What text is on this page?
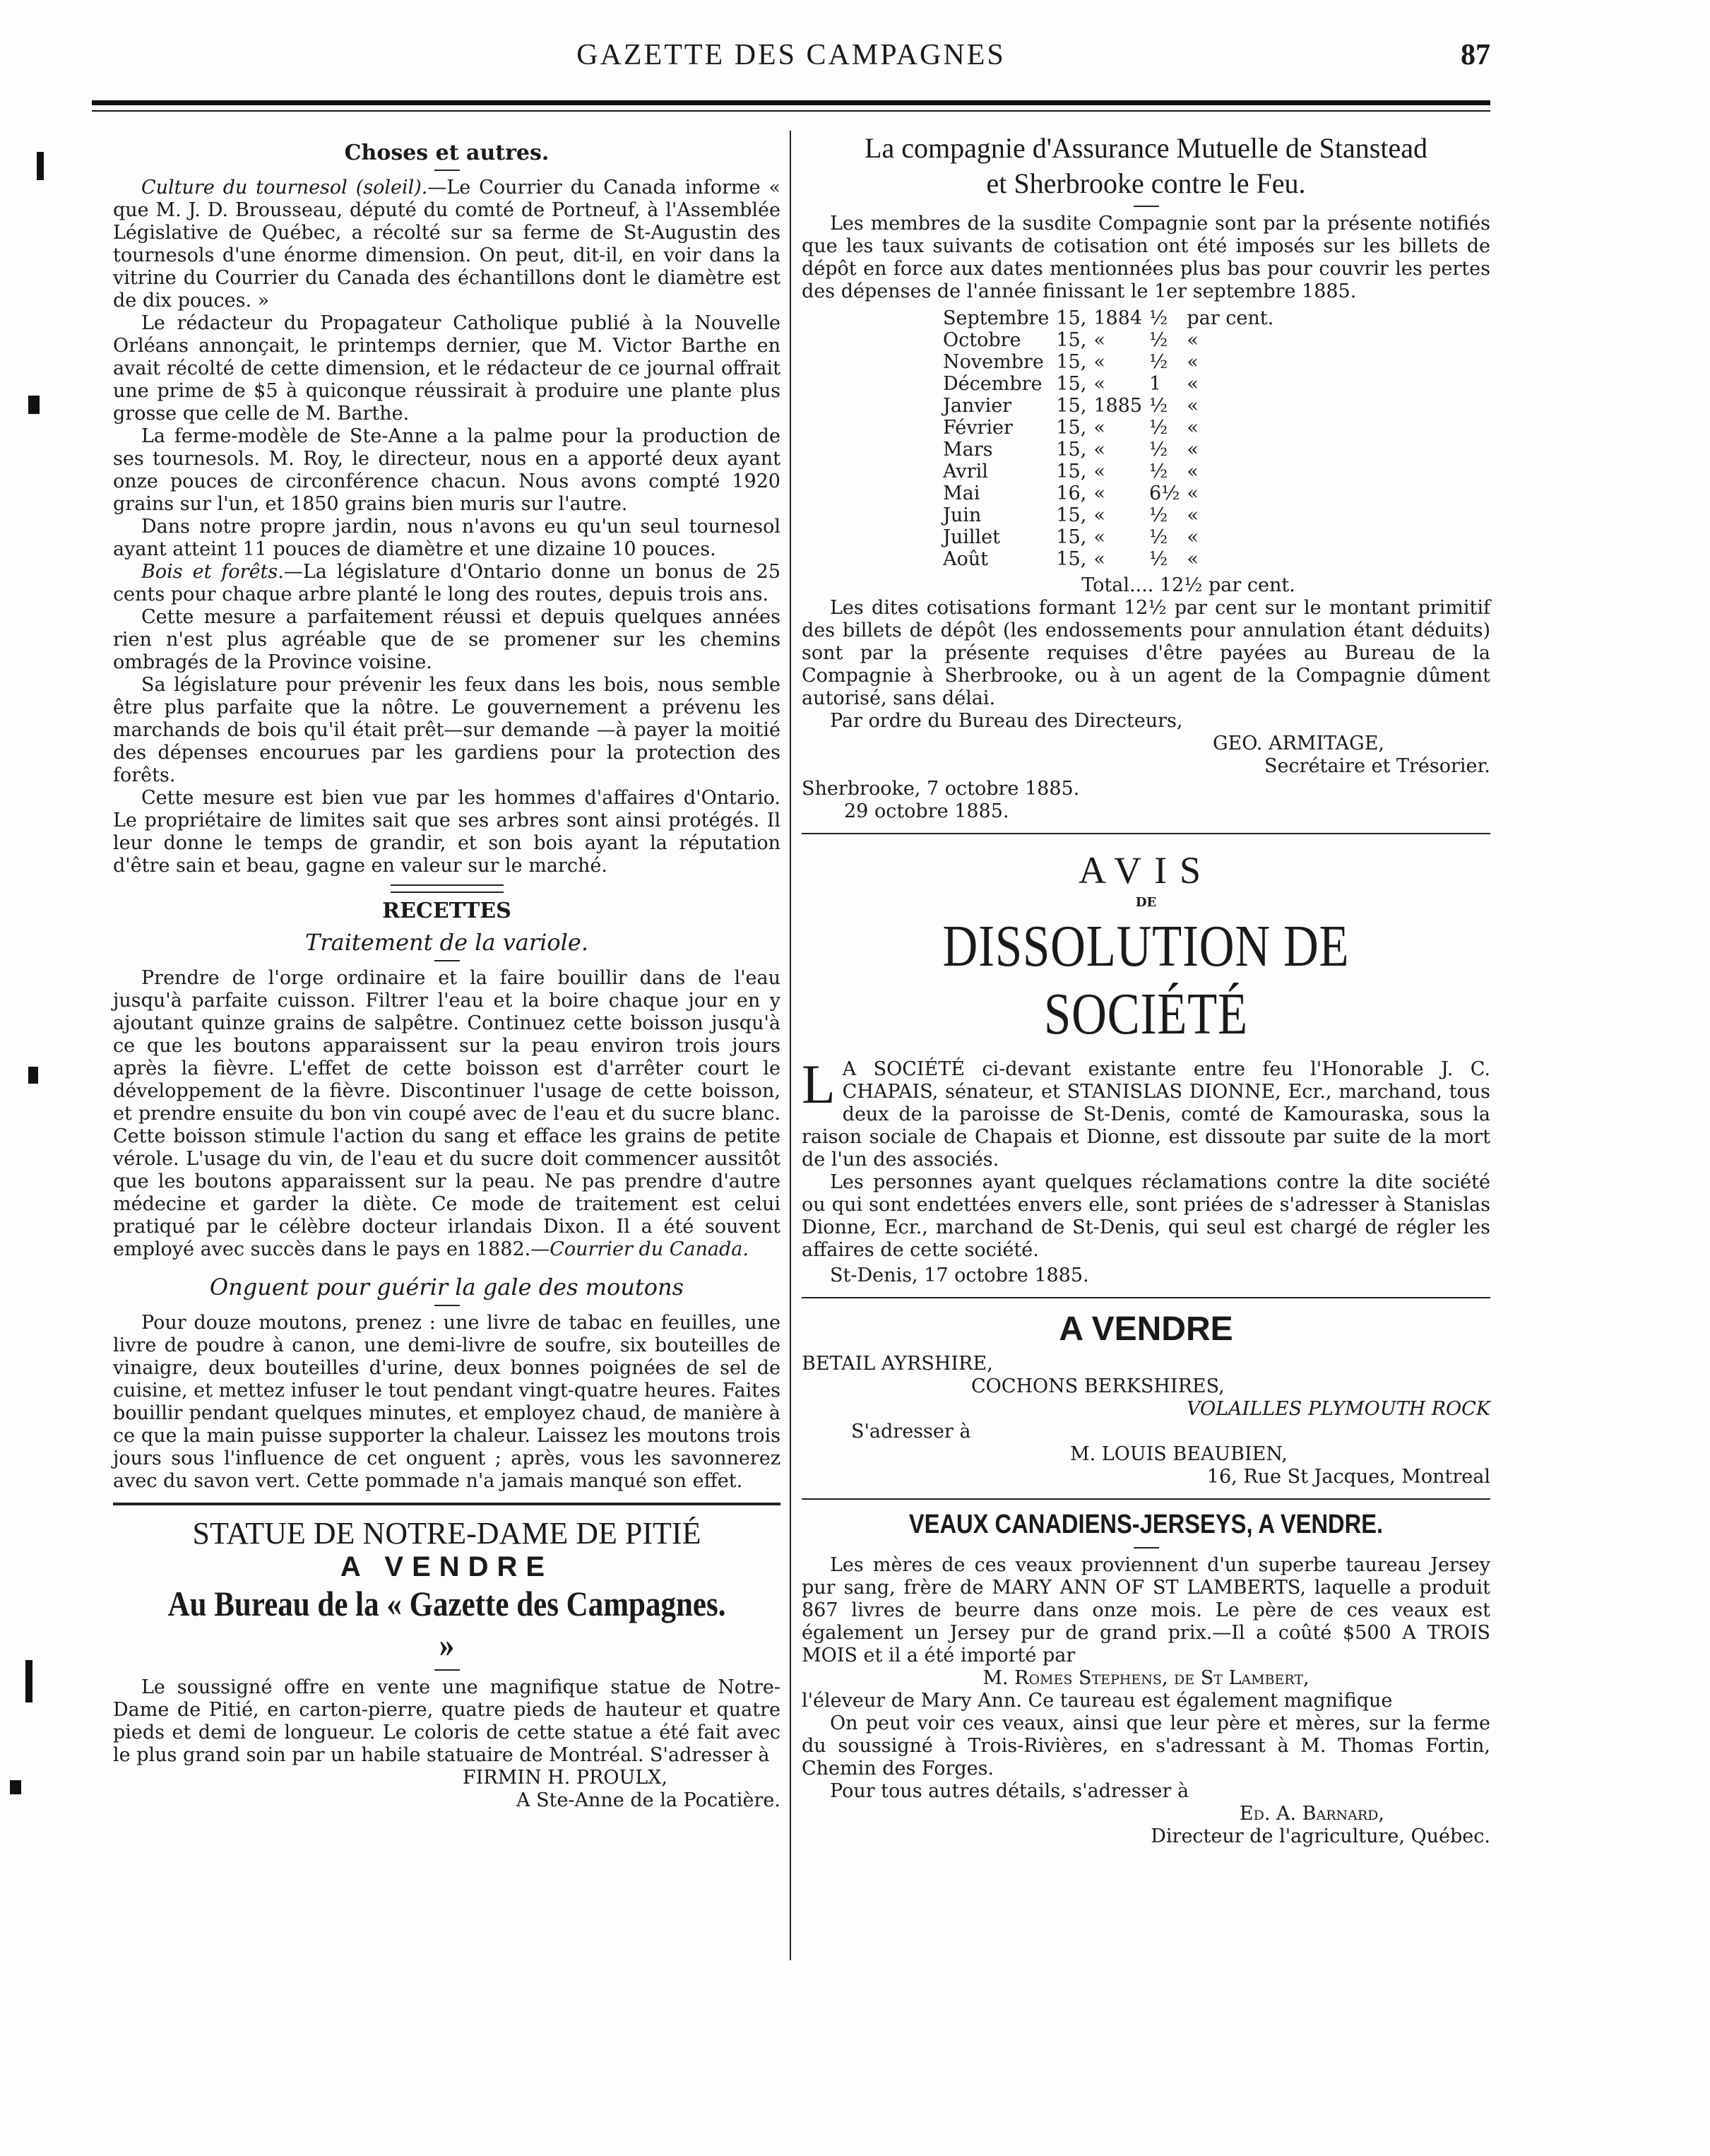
GAZETTE DES CAMPAGNES	87
Choses et autres.

Culture du tournesol (soleil).—Le Courrier du Canada informe « que M. J. D. Brousseau, député du comté de Portneuf, à l'Assemblée Législative de Québec, a récolté sur sa ferme de St-Augustin des tournesols d'une énorme dimension. On peut, dit-il, en voir dans la vitrine du Courrier du Canada des échantillons dont le diamètre est de dix pouces. »

Le rédacteur du Propagateur Catholique publié à la Nouvelle Orléans annonçait, le printemps dernier, que M. Victor Barthe en avait récolté de cette dimension, et le rédacteur de ce journal offrait une prime de $5 à quiconque réussirait à produire une plante plus grosse que celle de M. Barthe.

La ferme-modèle de Ste-Anne a la palme pour la production de ses tournesols. M. Roy, le directeur, nous en a apporté deux ayant onze pouces de circonférence chacun. Nous avons compté 1920 grains sur l'un, et 1850 grains bien muris sur l'autre.

Dans notre propre jardin, nous n'avons eu qu'un seul tournesol ayant atteint 11 pouces de diamètre et une dizaine 10 pouces.

Bois et forêts.—La législature d'Ontario donne un bonus de 25 cents pour chaque arbre planté le long des routes, depuis trois ans.

Cette mesure a parfaitement réussi et depuis quelques années rien n'est plus agréable que de se promener sur les chemins ombragés de la Province voisine.

Sa législature pour prévenir les feux dans les bois, nous semble être plus parfaite que la nôtre. Le gouvernement a prévenu les marchands de bois qu'il était prêt—sur demande —à payer la moitié des dépenses encourues par les gardiens pour la protection des forêts.

Cette mesure est bien vue par les hommes d'affaires d'Ontario. Le propriétaire de limites sait que ses arbres sont ainsi protégés. Il leur donne le temps de grandir, et son bois ayant la réputation d'être sain et beau, gagne en valeur sur le marché.

RECETTES
Traitement de la variole.

Prendre de l'orge ordinaire et la faire bouillir dans de l'eau jusqu'à parfaite cuisson. Filtrer l'eau et la boire chaque jour en y ajoutant quinze grains de salpêtre. Continuez cette boisson jusqu'à ce que les boutons apparaissent sur la peau environ trois jours après la fièvre. L'effet de cette boisson est d'arrêter court le développement de la fièvre. Discontinuer l'usage de cette boisson, et prendre ensuite du bon vin coupé avec de l'eau et du sucre blanc. Cette boisson stimule l'action du sang et efface les grains de petite vérole. L'usage du vin, de l'eau et du sucre doit commencer aussitôt que les boutons apparaissent sur la peau. Ne pas prendre d'autre médecine et garder la diète. Ce mode de traitement est celui pratiqué par le célèbre docteur irlandais Dixon. Il a été souvent employé avec succès dans le pays en 1882.—Courrier du Canada.

Onguent pour guérir la gale des moutons

Pour douze moutons, prenez : une livre de tabac en feuilles, une livre de poudre à canon, une demi-livre de soufre, six bouteilles de vinaigre, deux bouteilles d'urine, deux bonnes poignées de sel de cuisine, et mettez infuser le tout pendant vingt-quatre heures. Faites bouillir pendant quelques minutes, et employez chaud, de manière à ce que la main puisse supporter la chaleur. Laissez les moutons trois jours sous l'influence de cet onguent ; après, vous les savonnerez avec du savon vert. Cette pommade n'a jamais manqué son effet.

STATUE DE NOTRE-DAME DE PITIÉ
A VENDRE
Au Bureau de la « Gazette des Campagnes. »

Le soussigné offre en vente une magnifique statue de Notre-Dame de Pitié, en carton-pierre, quatre pieds de hauteur et quatre pieds et demi de longueur. Le coloris de cette statue a été fait avec le plus grand soin par un habile statuaire de Montréal. S'adresser à

FIRMIN H. PROULX,

A Ste-Anne de la Pocatière.

La compagnie d'Assurance Mutuelle de Stanstead
et Sherbrooke contre le Feu.

Les membres de la susdite Compagnie sont par la présente notifiés que les taux suivants de cotisation ont été imposés sur les billets de dépôt en force aux dates mentionnées plus bas pour couvrir les pertes des dépenses de l'année finissant le 1er septembre 1885.

Septembre	15,	1884	½	par cent.
Octobre	15,	«	½	«
Novembre	15,	«	½	«
Décembre	15,	«	1	«
Janvier	15,	1885	½	«
Février	15,	«	½	«
Mars	15,	«	½	«
Avril	15,	«	½	«
Mai	16,	«	6½	«
Juin	15,	«	½	«
Juillet	15,	«	½	«
Août	15,	«	½	«

Total.... 12½ par cent.

Les dites cotisations formant 12½ par cent sur le montant primitif des billets de dépôt (les endossements pour annulation étant déduits) sont par la présente requises d'être payées au Bureau de la Compagnie à Sherbrooke, ou à un agent de la Compagnie dûment autorisé, sans délai.

Par ordre du Bureau des Directeurs,

GEO. ARMITAGE,

Secrétaire et Trésorier.

Sherbrooke, 7 octobre 1885.

29 octobre 1885.

AVIS
DE
DISSOLUTION DE SOCIÉTÉ

L A SOCIÉTÉ ci-devant existante entre feu l'Honorable J. C. CHAPAIS, sénateur, et STANISLAS DIONNE, Ecr., marchand, tous deux de la paroisse de St-Denis, comté de Kamouraska, sous la raison sociale de Chapais et Dionne, est dissoute par suite de la mort de l'un des associés.

Les personnes ayant quelques réclamations contre la dite société ou qui sont endettées envers elle, sont priées de s'adresser à Stanislas Dionne, Ecr., marchand de St-Denis, qui seul est chargé de régler les affaires de cette société.

St-Denis, 17 octobre 1885.

A VENDRE

BETAIL AYRSHIRE,

COCHONS BERKSHIRES,

VOLAILLES PLYMOUTH ROCK

S'adresser à

M. LOUIS BEAUBIEN,

16, Rue St Jacques, Montreal

VEAUX CANADIENS-JERSEYS, A VENDRE.

Les mères de ces veaux proviennent d'un superbe taureau Jersey pur sang, frère de MARY ANN OF ST LAMBERTS, laquelle a produit 867 livres de beurre dans onze mois. Le père de ces veaux est également un Jersey pur de grand prix.—Il a coûté $500 A TROIS MOIS et il a été importé par

M. Romes Stephens, de St Lambert,

l'éleveur de Mary Ann. Ce taureau est également magnifique

On peut voir ces veaux, ainsi que leur père et mères, sur la ferme du soussigné à Trois-Rivières, en s'adressant à M. Thomas Fortin, Chemin des Forges.

Pour tous autres détails, s'adresser à

Ed. A. Barnard,

Directeur de l'agriculture, Québec.
